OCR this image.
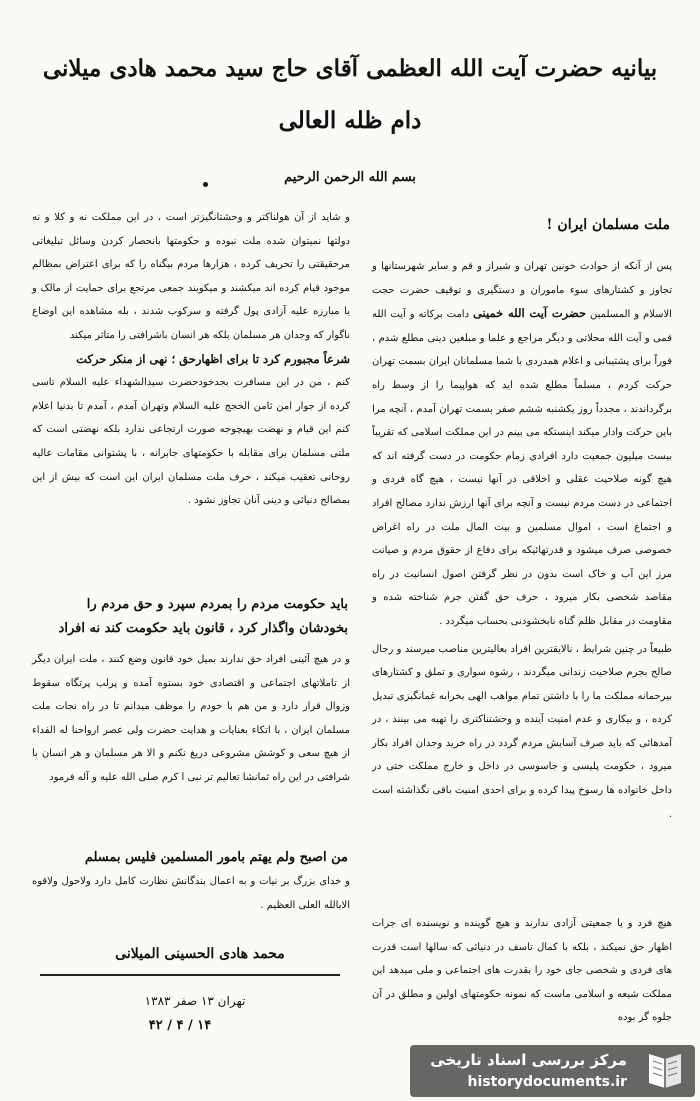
بیانیه حضرت آیت الله العظمی آقای حاج سید محمد هادی میلانی
دام ظله العالی
بسم الله الرحمن الرحیم
ملت مسلمان ایران !

پس از آنکه از حوادث خونین تهران و شیراز و قم و سایر شهرستانها و تجاوز و کشتارهای سوء ماموران و دستگیری و توقیف حضرت حجت الاسلام و المسلمین حضرت آیت الله خمینی دامت برکاته و آیت الله قمی و آیت الله محلاتی و دیگر مراجع و علما و مبلغین دینی مطلع شدم ، فوراً برای پشتیبانی و اعلام همدردی با شما مسلمانان ایران بسمت تهران حرکت کردم ، مسلماً مطلع شده اید که هواپیما را از وسط راه برگرداندند ، مجدداً روز یکشنبه ششم صفر بسمت تهران آمدم ، آنچه مرا باین حرکت وادار میکند اینستکه می بینم در این مملکت اسلامی که تقریباً بیست میلیون جمعیت دارد افرادی زمام حکومت در دست گرفته اند که هیچ گونه صلاحیت عقلی و اخلاقی در آنها نیست ، هیچ گاه فردی و اجتماعی در دست مردم نیست و آنچه برای آنها ارزش ندارد مصالح افراد و اجتماع است ، اموال مسلمین و بیت المال ملت در راه اغراض خصوصی صرف میشود و قدرتهائیکه برای دفاع از حقوق مردم و صیانت مرز این آب و خاک است بدون در نظر گرفتن اصول انسانیت در راه مقاصد شخصی بکار میرود ، حرف حق گفتن جرم شناخته شده و مقاومت در مقابل ظلم گناه نابخشودنی بحساب میگردد .

طبیعاً در چنین شرایط ، نالایقترین افراد بعالیترین مناصب میرسند و رجال صالح بجرم صلاحیت زندانی میگردند ، رشوه سواری و تملق و کشتارهای بیرحمانه مملکت ما را با داشتن تمام مواهب الهی بخرابه غمانگیزی تبدیل کرده ، و بیکاری و عدم امنیت آینده و وحشتناکتری را تهیه می بینند ، در آمدهائی که باید صرف آسایش مردم گردد در راه خرید وجدان افراد بکار میرود ، حکومت پلیسی و جاسوسی در داخل و خارج مملکت حتی در داخل خانواده ها رسوخ پیدا کرده و برای احدی امنیت باقی نگذاشته است .

هیچ فرد و یا جمعیتی آزادی ندارند و هیچ گوینده و نویسنده ای جرات اظهار حق نمیکند ، بلکه با کمال تاسف در دنیائی که سالها است قدرت های فردی و شخصی جای خود را بقدرت های اجتماعی و ملی میدهد این مملکت شیعه و اسلامی ماست که نمونه حکومتهای اولین و مطلق در آن جلوه گر بوده

و شاید از آن هولناکتر و وحشتانگیزتر است ، در این مملکت نه و کلا و نه دولتها نمیتوان شده ملت نبوده و حکومتها بانحصار کردن وسائل تبلیغاتی مرحقیقتی را تحریف کرده ، هزارها مردم بیگناه را که برای اعتراض بمظالم موجود قیام کرده اند میکشند و میکوبند جمعی مرتجع برای حمایت از مالک و یا مبارزه علیه آزادی پول گرفته و سرکوب شدند ، بله مشاهده این اوضاع ناگوار که وجدان هر مسلمان بلکه هر انسان باشرافتی را متاثر میکند

شرعاً مجبورم کرد تا برای اظهارحق ؛ نهی از منکر حرکت

کنم ، من در این مسافرت بجدخودحضرت سیدالشهداء علیه السلام تاسی کرده از جوار امن ثامن الحجج علیه السلام وتهران آمدم ، آمدم تا بدنیا اعلام کنم این قیام و نهضت بهیچوجه صورت ارتجاعی ندارد بلکه نهضتی است که ملتی مسلمان برای مقابله با حکومتهای جابرانه ، با پشتوانی مقامات عالیه روحانی تعقیب میکند ، حرف ملت مسلمان ایران این است که بیش از این بمصالح دنیائی و دینی آنان تجاوز نشود .

باید حکومت مردم را بمردم سپرد و حق مردم را بخودشان واگذار کرد ، قانون باید حکومت کند نه افراد

و در هیچ آئینی افراد حق ندارند بمیل خود قانون وضع کنند ، ملت ایران دیگر از تاملاتهای اجتماعی و اقتصادی خود بستوه آمده و پرلب پرتگاه سقوط وزوال قرار دارد و من هم با خودم را موظف میدانم تا در راه نجات ملت مسلمان ایران ، با اتکاء بعنایات و هدایت حضرت ولی عصر ارواحنا له الفداء از هیچ سعی و کوشش مشروعی دریغ نکنم و الا هر مسلمان و هر انسان با شرافتی در این راه ثمانشا تعالیم تر نبی ا کرم صلی الله علیه و آله فرمود

من اصبح ولم یهتم بامور المسلمین فلیس بمسلم

و خدای بزرگ بر نیات و به اعمال بندگانش نظارت کامل دارد ولاحول ولاقوه الابالله العلی العظیم .

محمد هادی الحسینی المیلانی
تهران ۱۳ صفر ۱۳۸۳
۱۴ / ۴ / ۴۲
مرکز بررسی اسناد تاریخی
historydocuments.ir
